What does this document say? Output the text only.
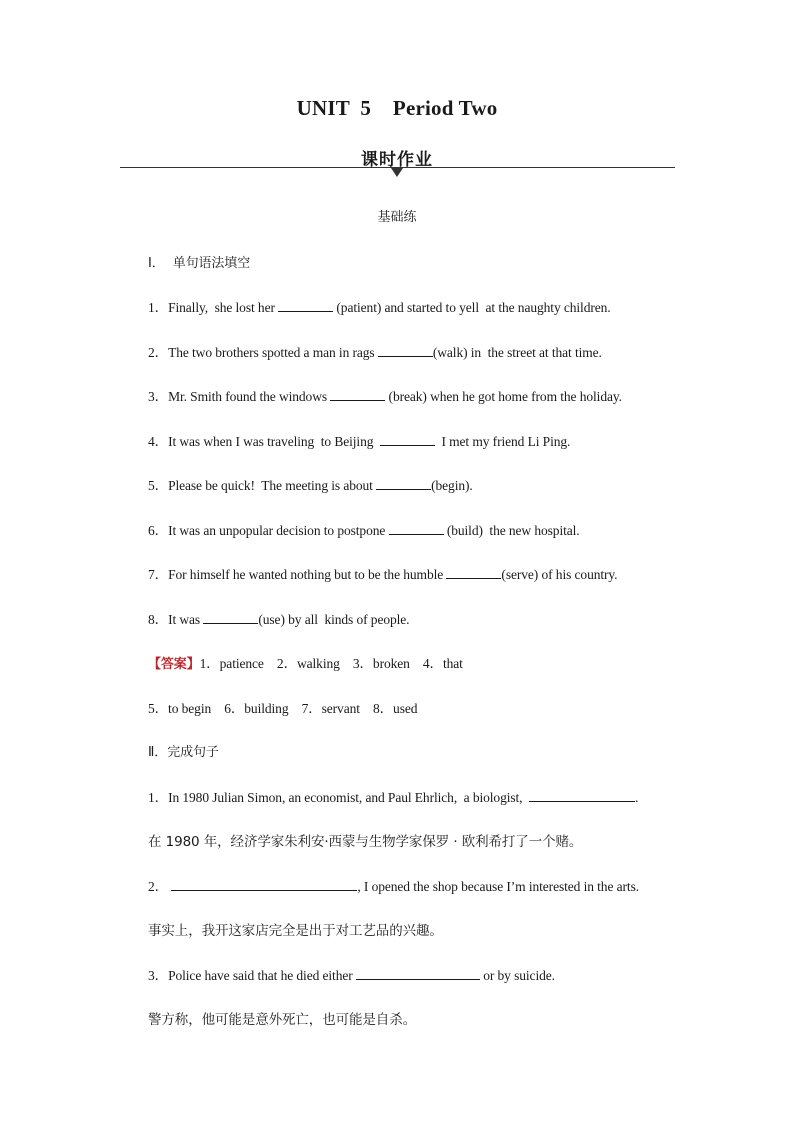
UNIT  5    Period Two
课时作业
基础练
Ⅰ．  单句语法填空
1．Finally,  she lost her	(patient) and started to yell  at the naughty children.
2．The two brothers spotted a man in rags	(walk) in  the street at that time.
3．Mr. Smith found the windows	(break) when he got home from the holiday.
4．It was when I was traveling  to Beijing	I met my friend Li Ping.
5．Please be quick!  The meeting is about	(begin).
6．It was an unpopular decision to postpone	(build)  the new hospital.
7．For himself he wanted nothing but to be the humble	(serve) of his country.
8．It was	(use) by all  kinds of people.
【答案】1．patience    2．walking    3．broken    4．that
5．to begin    6．building    7．servant    8．used
Ⅱ．完成句子
1．In 1980 Julian Simon, an economist, and Paul Ehrlich,  a biologist,	.
在 1980 年，经济学家朱利安·西蒙与生物学家保罗 · 欧利希打了一个赌。
2．	, I opened the shop because I’m interested in the arts.
事实上，我开这家店完全是出于对工艺品的兴趣。
3．Police have said that he died either	or by suicide.
警方称，他可能是意外死亡，也可能是自杀。
